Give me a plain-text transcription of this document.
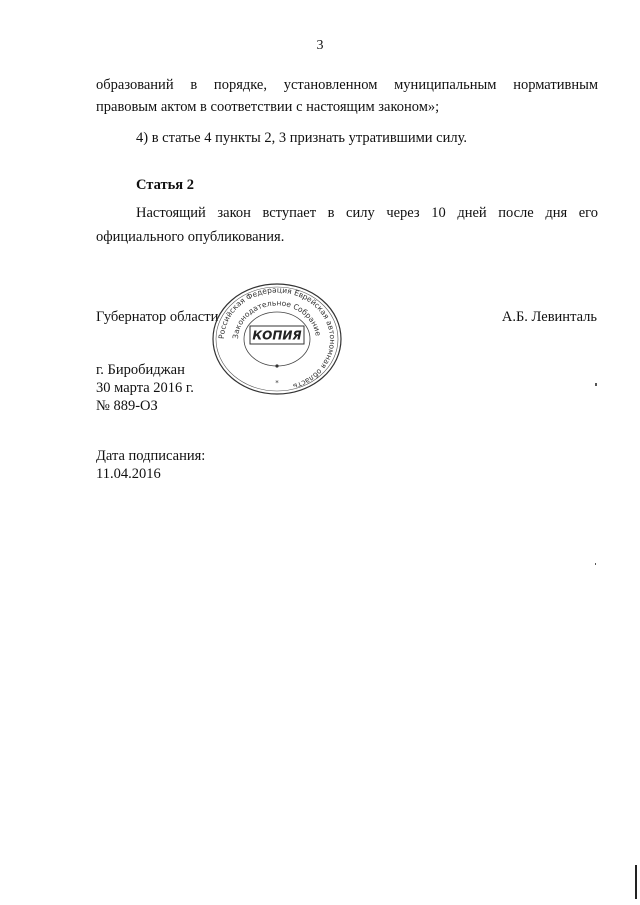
3
образований в порядке, установленном муниципальным нормативным
правовым актом в соответствии с настоящим законом»;
4) в статье 4 пункты 2, 3 признать утратившими силу.
Статья 2
Настоящий закон вступает в силу через 10 дней после дня его
официального опубликования.
Губернатор области	А.Б. Левинталь
Российская Федерация Еврейская автономная область
Законодательное Собрание
КОПИЯ
*
г. Биробиджан
30 марта 2016 г.
№ 889-ОЗ
Дата подписания:
11.04.2016
